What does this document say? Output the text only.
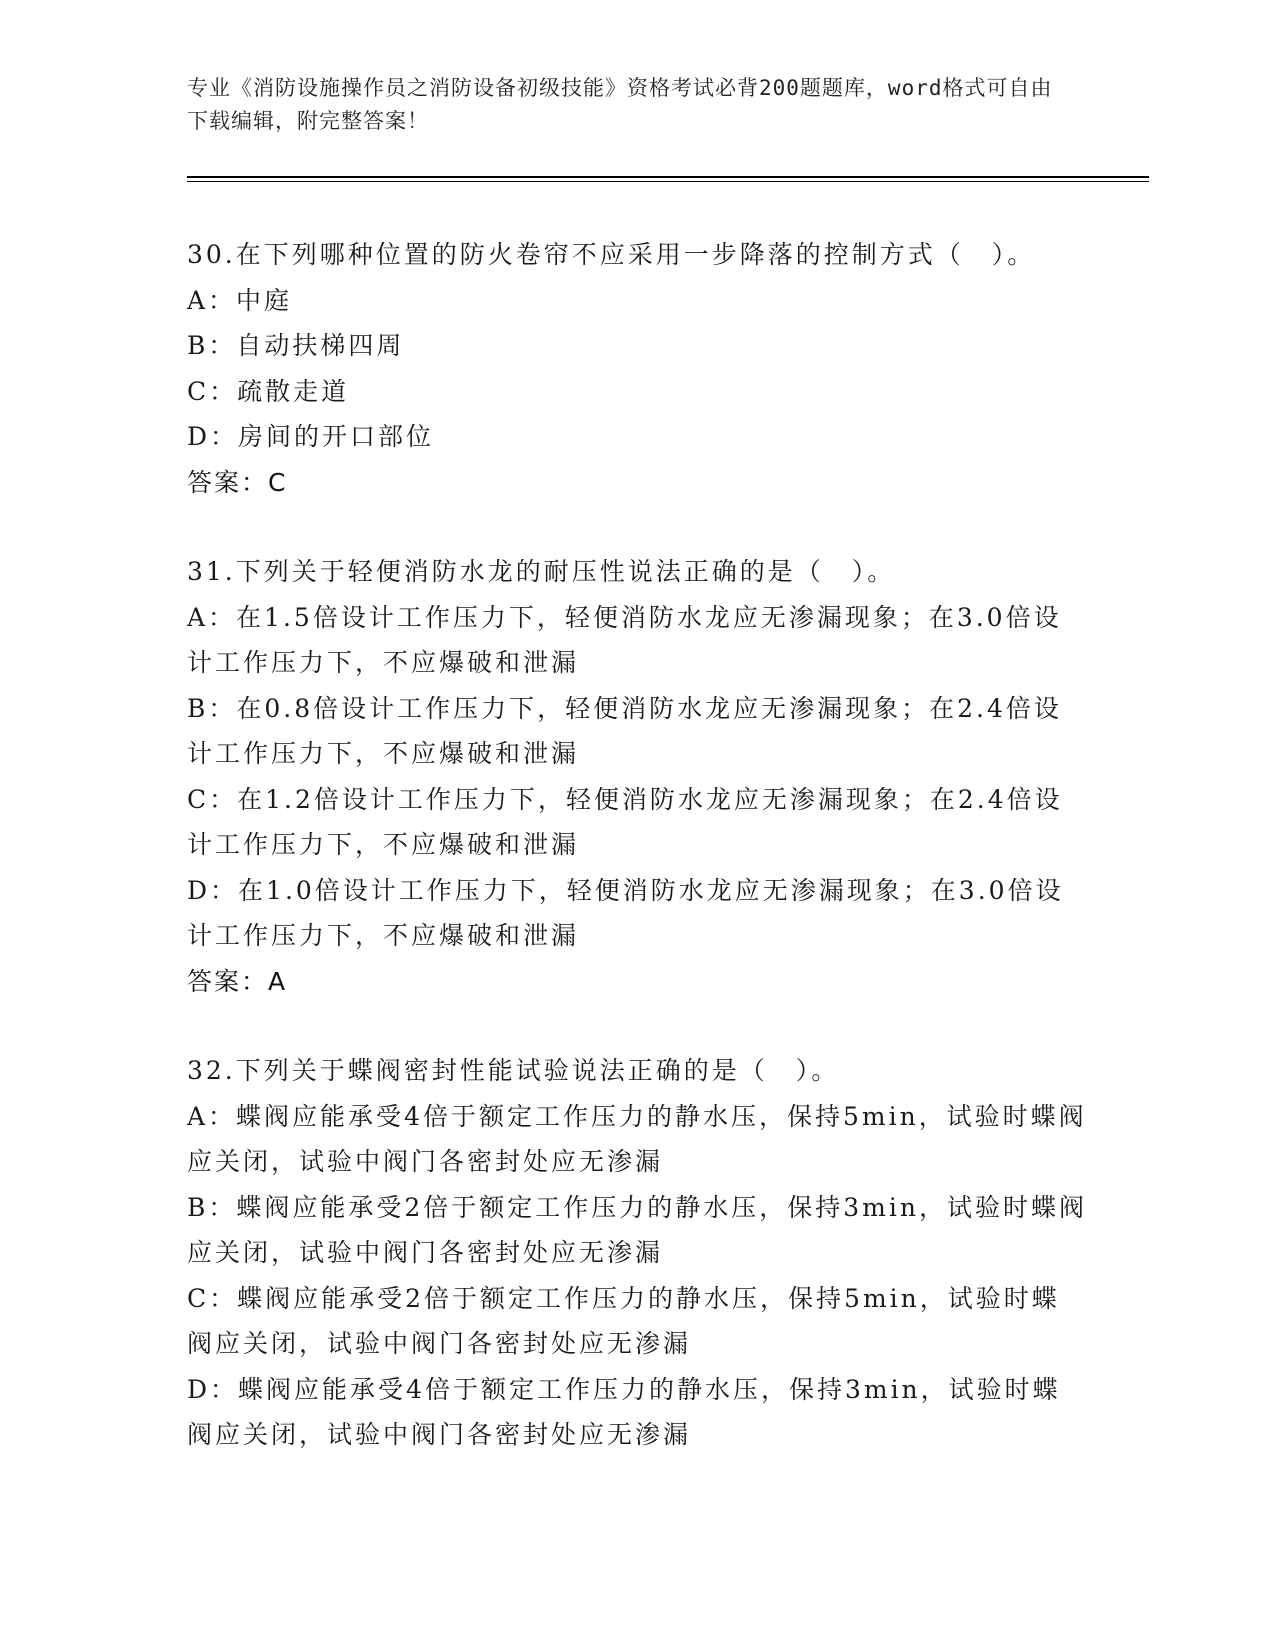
专业《消防设施操作员之消防设备初级技能》资格考试必背200题题库，word格式可自由下载编辑，附完整答案！
30.在下列哪种位置的防火卷帘不应采用一步降落的控制方式（　）。
A：中庭
B：自动扶梯四周
C：疏散走道
D：房间的开口部位
答案：C
31.下列关于轻便消防水龙的耐压性说法正确的是（　）。
A：在1.5倍设计工作压力下，轻便消防水龙应无渗漏现象；在3.0倍设计工作压力下，不应爆破和泄漏
B：在0.8倍设计工作压力下，轻便消防水龙应无渗漏现象；在2.4倍设计工作压力下，不应爆破和泄漏
C：在1.2倍设计工作压力下，轻便消防水龙应无渗漏现象；在2.4倍设计工作压力下，不应爆破和泄漏
D：在1.0倍设计工作压力下，轻便消防水龙应无渗漏现象；在3.0倍设计工作压力下，不应爆破和泄漏
答案：A
32.下列关于蝶阀密封性能试验说法正确的是（　）。
A：蝶阀应能承受4倍于额定工作压力的静水压，保持5min，试验时蝶阀应关闭，试验中阀门各密封处应无渗漏
B：蝶阀应能承受2倍于额定工作压力的静水压，保持3min，试验时蝶阀应关闭，试验中阀门各密封处应无渗漏
C：蝶阀应能承受2倍于额定工作压力的静水压，保持5min，试验时蝶阀应关闭，试验中阀门各密封处应无渗漏
D：蝶阀应能承受4倍于额定工作压力的静水压，保持3min，试验时蝶阀应关闭，试验中阀门各密封处应无渗漏
